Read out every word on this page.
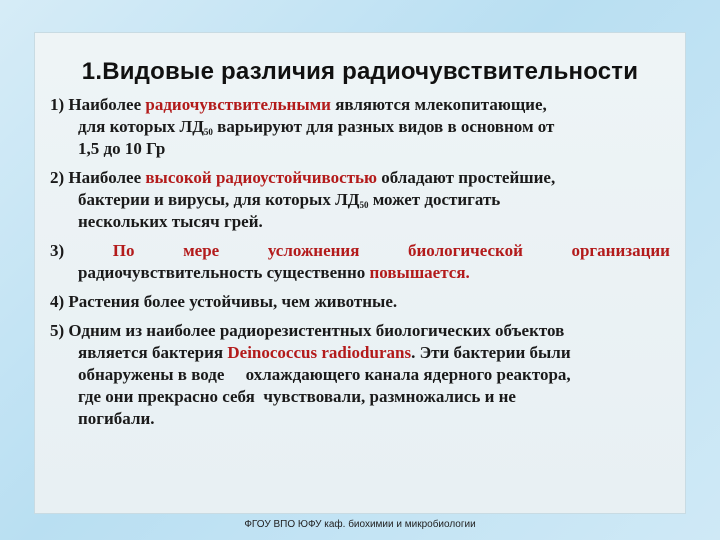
1.Видовые различия радиочувствительности
1) Наиболее радиочувствительными являются млекопитающие,
для которых $ЛД_{50}$ варьируют для разных видов в основном от
1,5 до 10 Гр
2) Наиболее высокой радиоустойчивостью обладают простейшие,
бактерии и вирусы, для которых $ЛД_{50}$ может достигать
нескольких тысяч грей.
3)	По	мере	усложнения	биологической	организации
радиочувствительность существенно повышается.
4) Растения более устойчивы, чем животные.
5) Одним из наиболее радиорезистентных биологических объектов
является бактерия Deinococcus radiodurans. Эти бактерии были
обнаружены в воде     охлаждающего канала ядерного реактора,
где они прекрасно себя  чувствовали, размножались и не
погибали.
ФГОУ ВПО ЮФУ каф. биохимии и микробиологии
